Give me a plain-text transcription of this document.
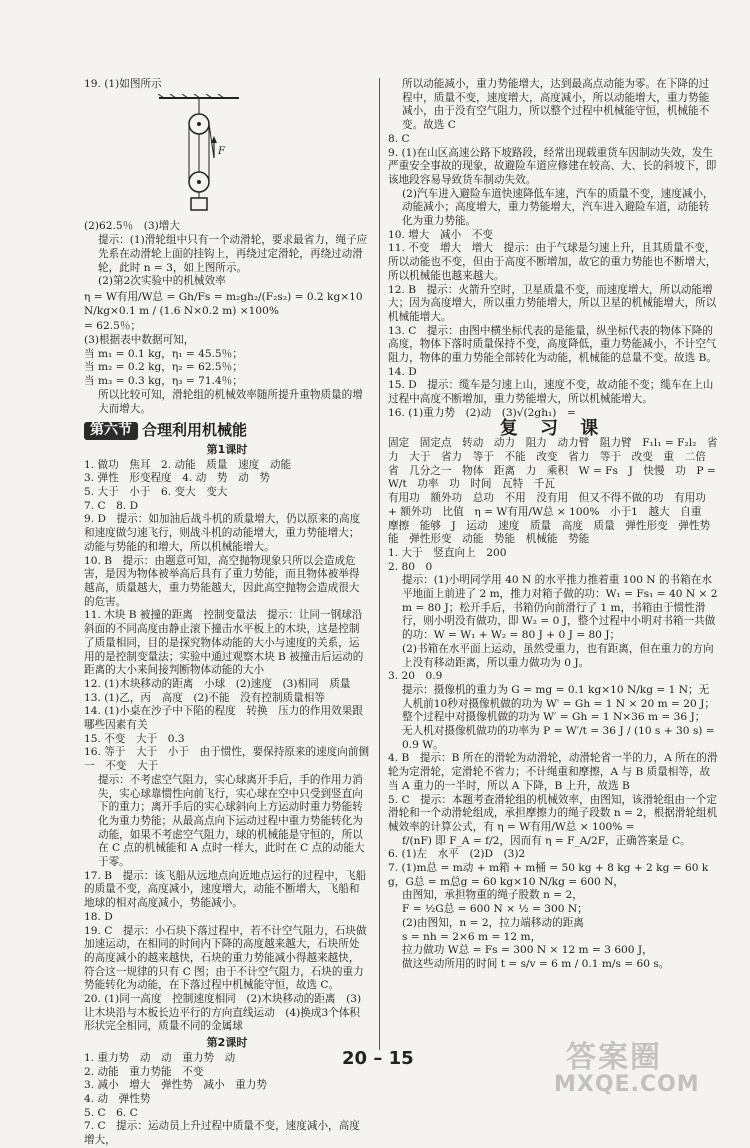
19. (1)如图所示

F

(2)62.5％　(3)增大

提示：(1)滑轮组中只有一个动滑轮，要求最省力，绳子应先系在动滑轮上面的挂钩上，再绕过定滑轮，再绕过动滑轮，此时 n = 3，如上图所示。

(2)第2次实验中的机械效率

η = W有用/W总 = Gh/Fs = m₂gh₂/(F₂s₂) = 0.2 kg×10 N/kg×0.1 m / (1.6 N×0.2 m) ×100%

= 62.5％；

(3)根据表中数据可知，

当 m₁ = 0.1 kg，η₁ = 45.5％；

当 m₂ = 0.2 kg，η₂ = 62.5％；

当 m₃ = 0.3 kg，η₃ = 71.4％；

所以比较可知，滑轮组的机械效率随所提升重物质量的增大而增大。

第六节 合理利用机械能
第1课时

1. 做功　焦耳　2. 动能　质量　速度　动能

3. 弹性　形变程度　4. 动　势　动　势

5. 大于　小于　6. 变大　变大

7. C　8. D

9. D　提示：如加油后战斗机的质量增大，仍以原来的高度和速度做匀速飞行，则战斗机的动能增大，重力势能增大；动能与势能的和增大，所以机械能增大。

10. B　提示：由题意可知，高空抛物现象只所以会造成危害，是因为物体被举高后具有了重力势能，而且物体被举得越高，质量越大，重力势能越大，因此高空抛物会造成很大的危害。

11. 木块 B 被撞的距离　控制变量法　提示：让同一钢球沿斜面的不同高度由静止滚下撞击水平板上的木块，这是控制了质量相同，目的是探究物体动能的大小与速度的关系，运用的是控制变量法；实验中通过观察木块 B 被撞击后运动的距离的大小来间接判断物体动能的大小

12. (1)木块移动的距离　小球　(2)速度　(3)相同　质量

13. (1)乙，丙　高度　(2)不能　没有控制质量相等

14. (1)小桌在沙子中下陷的程度　转换　压力的作用效果跟哪些因素有关

15. 不变　大于　0.3

16. 等于　大于　小于　由于惯性，要保持原来的速度向前侧一　不变　大于

提示：不考虑空气阻力，实心球离开手后，手的作用力消失，实心球靠惯性向前飞行，实心球在空中只受到竖直向下的重力；离开手后的实心球斜向上方运动时重力势能转化为重力势能；从最高点向下运动过程中重力势能转化为动能，如果不考虑空气阻力，球的机械能是守恒的，所以在 C 点的机械能和 A 点时一样大，此时在 C 点的动能大于零。

17. B　提示：该飞船从远地点向近地点运行的过程中，飞船的质量不变，高度减小，速度增大，动能不断增大，飞船和地球的相对高度减小，势能减小。

18. D

19. C　提示：小石块下落过程中，若不计空气阻力，石块做加速运动，在相同的时间内下降的高度越来越大，石块所处的高度减小的越来越快，石块的重力势能减小得越来越快，符合这一规律的只有 C 图；由于不计空气阻力，石块的重力势能转化为动能，在下落过程中机械能守恒，故选 C。

20. (1)同一高度　控制速度相同　(2)木块移动的距离　(3)让木块沿与木板长边平行的方向直线运动　(4)换成3个体积形状完全相同，质量不同的金属球

第2课时

1. 重力势　动　动　重力势　动

2. 动能　重力势能　不变

3. 减小　增大　弹性势　减小　重力势

4. 动　弹性势

5. C　6. C

7. C　提示：运动员上升过程中质量不变，速度减小，高度增大，

所以动能减小，重力势能增大，达到最高点动能为零。在下降的过程中，质量不变，速度增大，高度减小，所以动能增大，重力势能减小，由于没有空气阻力，所以整个过程中机械能守恒，机械能不变。故选 C

8. C

9. (1)在山区高速公路下坡路段，经常出现载重货车因制动失效，发生严重安全事故的现象，故避险车道应修建在较高、大、长的斜坡下，即该地段容易导致货车制动失效。

(2)汽车进入避险车道快速降低车速，汽车的质量不变，速度减小，动能减小；高度增大，重力势能增大，汽车进入避险车道，动能转化为重力势能。

10. 增大　减小　不变

11. 不变　增大　增大　提示：由于气球是匀速上升，且其质量不变，所以动能也不变，但由于高度不断增加，故它的重力势能也不断增大，所以机械能也越来越大。

12. B　提示：火箭升空时，卫星质量不变，而速度增大，所以动能增大；因为高度增大，所以重力势能增大，所以卫星的机械能增大，所以机械能增大。

13. C　提示：由图中横坐标代表的是能量，纵坐标代表的物体下降的高度，物体下落时质量保持不变，高度降低，重力势能减小，不计空气阻力，物体的重力势能全部转化为动能，机械能的总量不变。故选 B。

14. D

15. D　提示：缆车是匀速上山，速度不变，故动能不变；缆车在上山过程中高度不断增加，重力势能增大，所以机械能增大。

16. (1)重力势　(2)动　(3)√(2gh₁)　=

复 习 课

固定　固定点　转动　动力　阻力　动力臂　阻力臂　F₁l₁ = F₂l₂　省力　大于　省力　等于　不能　改变　省力　等于　改变　重　二倍　省　几分之一　物体　距离　力　乘积　W = Fs　J　快慢　功　P = W/t　功率　功　时间　瓦特　千瓦

有用功　额外功　总功　不用　没有用　但又不得不做的功　有用功 + 额外功　比值　η = W有用/W总 × 100%　小于1　越大　自重　摩擦　能够　J　运动　速度　质量　高度　质量　弹性形变　弹性势能　弹性形变　动能　势能　机械能　势能

1. 大于　竖直向上　200

2. 80　0

提示：(1)小明同学用 40 N 的水平推力推着重 100 N 的书箱在水平地面上前进了 2 m，推力对箱子做的功：W₁ = Fs₁ = 40 N × 2 m = 80 J；松开手后，书箱仍向前滑行了 1 m，书箱由于惯性滑行，则小明没有做功，即 W₂ = 0 J，整个过程中小明对书箱一共做的功：W = W₁ + W₂ = 80 J + 0 J = 80 J；

(2)书箱在水平面上运动，虽然受重力，也有距离，但在重力的方向上没有移动距离，所以重力做功为 0 J。

3. 20　0.9

提示：摄像机的重力为 G = mg = 0.1 kg×10 N/kg = 1 N；无人机前10秒对摄像机做的功为 W′ = Gh = 1 N × 20 m = 20 J；整个过程中对摄像机做的功为 W′ = Gh = 1 N×36 m = 36 J；

无人机对摄像机做功的功率为 P = W′/t = 36 J / (10 s + 30 s) = 0.9 W。

4. B　提示：B 所在的滑轮为动滑轮，动滑轮省一半的力，A 所在的滑轮为定滑轮，定滑轮不省力；不计绳重和摩擦，A 与 B 质量相等，故当 A 重力的一半时，所以 A 下降，B 上升，故选 B

5. C　提示：本题考查滑轮组的机械效率，由图知，该滑轮组由一个定滑轮和一个动滑轮组成，承担摩擦力的绳子段数 n = 2，根据滑轮组机械效率的计算公式，有 η = W有用/W总 × 100% =

f/(nF) 即 F_A = f/2，因而有 η = F_A/2F，正确答案是 C。

6. (1)左　水平　(2)D　(3)2

7. (1)m总 = m动 + m箱 + m桶 = 50 kg + 8 kg + 2 kg = 60 kg，G总 = m总g = 60 kg×10 N/kg = 600 N，

由图知，承担物重的绳子股数 n = 2，

F = ½G总 = 600 N × ½ = 300 N；

(2)由图知，n = 2，拉力端移动的距离

s = nh = 2×6 m = 12 m，

拉力做功 W总 = Fs = 300 N × 12 m = 3 600 J，

做这些动所用的时间 t = s/v = 6 m / 0.1 m/s = 60 s。

20 – 15	答案圈
MXQE.COM
